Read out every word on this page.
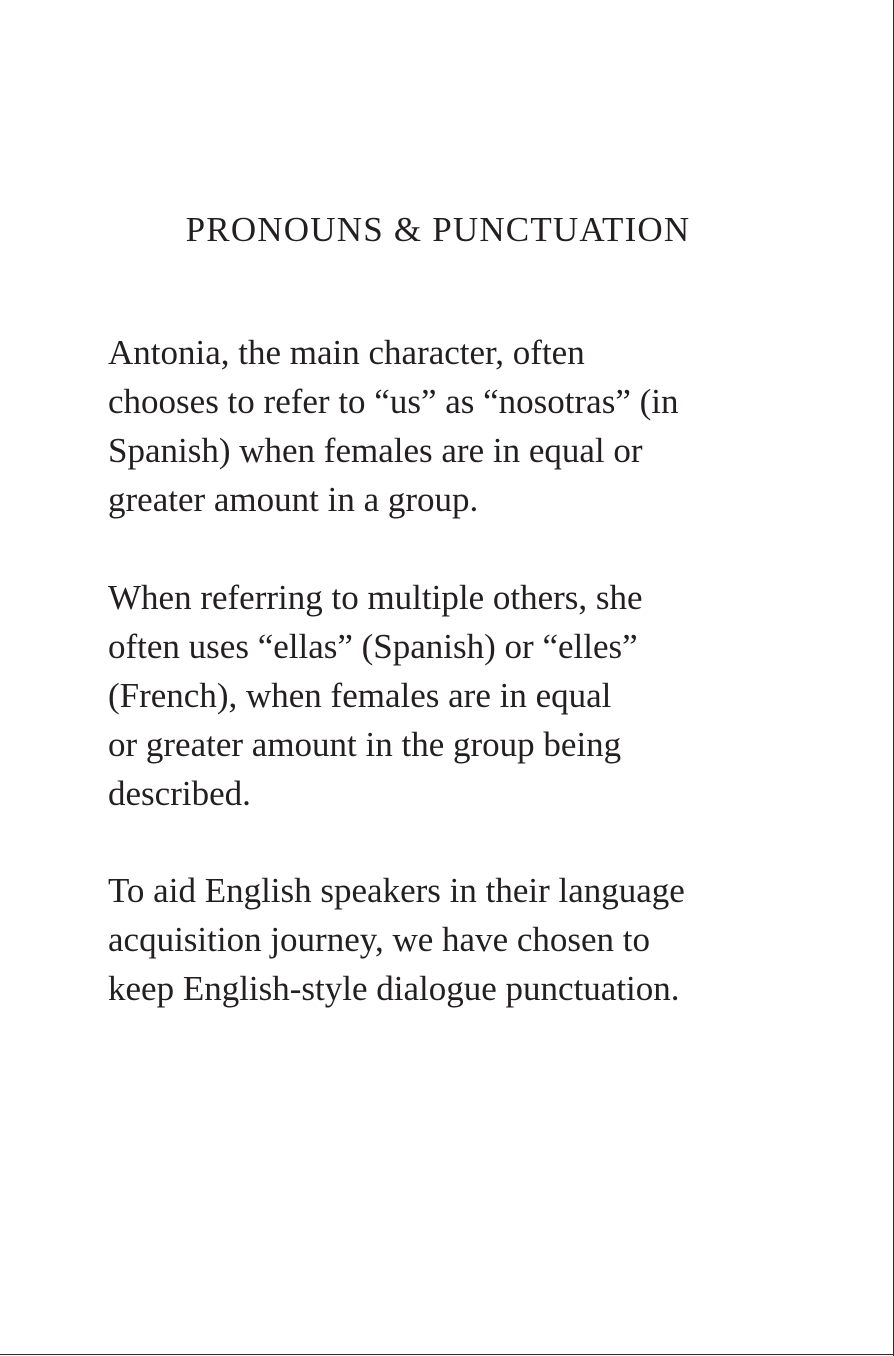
PRONOUNS & PUNCTUATION

Antonia, the main character, often
chooses to refer to “us” as “nosotras” (in
Spanish) when females are in equal or
greater amount in a group.

When referring to multiple others, she
often uses “ellas” (Spanish) or “elles”
(French), when females are in equal
or greater amount in the group being
described.

To aid English speakers in their language
acquisition journey, we have chosen to
keep English-style dialogue punctuation.
